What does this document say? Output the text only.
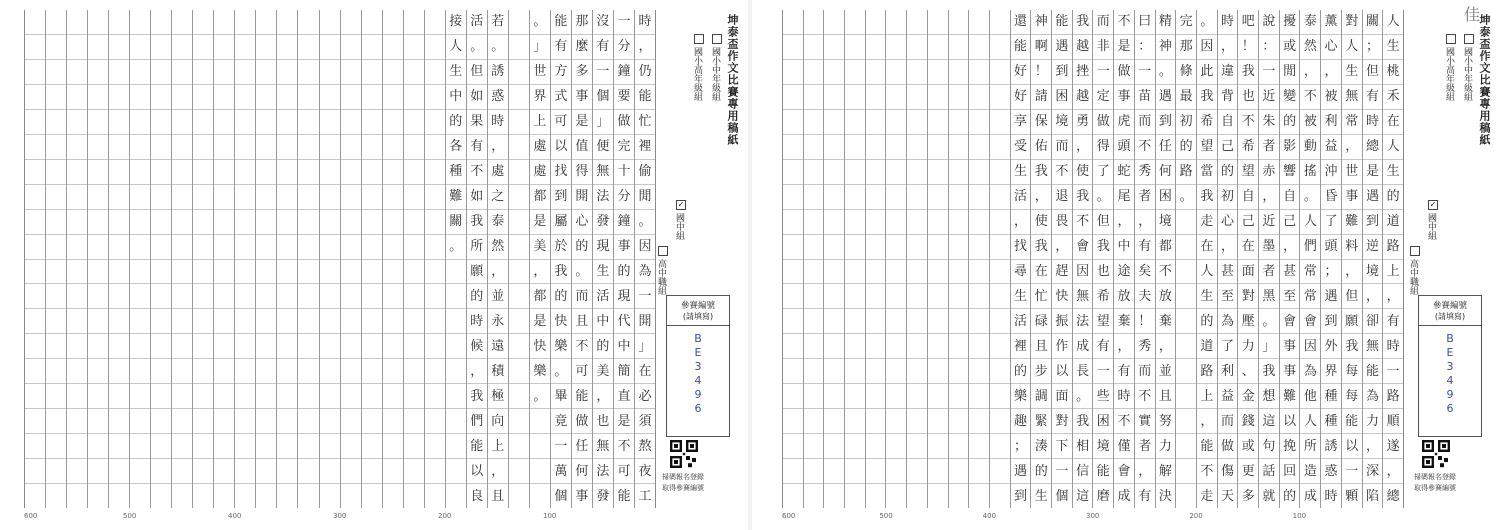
時
，
仍
能
忙
裡
偷
閒
。
因
為
一
開
」
在
必
須
熬
夜
工
一
分
鐘
要
做
完
十
分
鐘
事
的
現
代
中
簡
直
是
不
可
能
沒
有
一
個
」
便
無
法
發
現
生
活
中
的
美
，
也
無
法
發
那
麼
多
事
是
值
得
開
心
的
。
而
且
不
可
能
做
任
何
事
能
有
方
式
可
以
找
到
屬
於
我
的
快
樂
。
畢
竟
一
萬
個
。
」
世
界
上
處
處
都
是
美
，
都
是
快
樂
。
若
。
誘
惑
時
，
處
之
泰
然
，
並
永
遠
積
極
向
上
，
且
活
。
但
如
果
有
不
如
我
所
願
的
時
候
，
我
們
能
以
良
接
人
生
中
的
各
種
難
關
。
100
200
300
400
500
600
坤泰盃作文比賽專用稿紙
國小中年級組
國小高年級組
✓
國中組
高中職組
參賽編號
(請填寫)
BE3496
掃碼報名登錄
取得參賽編號
人
生
桃
禾
在
人
生
的
道
路
上
，
有
時
一
路
順
遂
，
總
關
；
但
有
時
總
是
遇
到
逆
境
，
卻
無
能
為
力
，
深
陷
對
人
生
無
常
，
世
事
難
料
，
但
願
我
每
每
能
以
一
顆
薰
心
，
被
利
益
沖
昏
了
頭
；
遇
到
外
界
種
種
誘
惑
時
泰
然
，
不
被
動
搖
。
人
們
常
常
會
因
為
他
人
所
造
成
擾
或
閒
變
的
影
響
自
己
，
甚
至
會
事
事
難
以
挽
回
的
說
：
一
近
朱
者
赤
，
近
墨
者
黑
。
」
我
想
這
句
話
就
吧
！
我
也
不
希
望
自
己
在
面
對
壓
力
、
金
錢
或
更
多
時
，
違
背
自
己
的
初
心
，
甚
至
為
了
利
益
而
做
傷
天
。
因
此
我
希
望
當
我
走
在
人
生
的
道
路
上
，
能
不
走
完
那
條
最
初
的
路
。
精
神
。
遇
到
任
何
困
境
都
不
放
棄
，
並
且
努
力
解
決
曰
：
一
苗
而
不
秀
者
，
有
矣
夫
！
秀
而
不
實
者
，
有
不
是
做
事
虎
頭
蛇
尾
，
中
途
放
棄
，
有
時
不
僅
會
成
而
非
一
定
做
得
了
。
但
我
也
希
望
有
一
些
困
境
能
磨
我
越
挫
越
勇
，
使
我
不
會
因
無
法
成
長
。
我
相
信
這
能
遇
到
困
境
而
不
退
畏
，
趕
快
振
作
以
面
對
下
一
個
神
啊
！
請
保
佑
我
，
使
我
在
忙
碌
且
步
調
緊
湊
的
生
還
能
好
好
享
受
生
活
，
找
尋
生
活
裡
的
樂
趣
；
遇
到
100
200
300
400
500
600
坤泰盃作文比賽專用稿紙
國小中年級組
國小高年級組
✓
國中組
高中職組
參賽編號
(請填寫)
BE3496
掃碼報名登錄
取得參賽編號
佳
